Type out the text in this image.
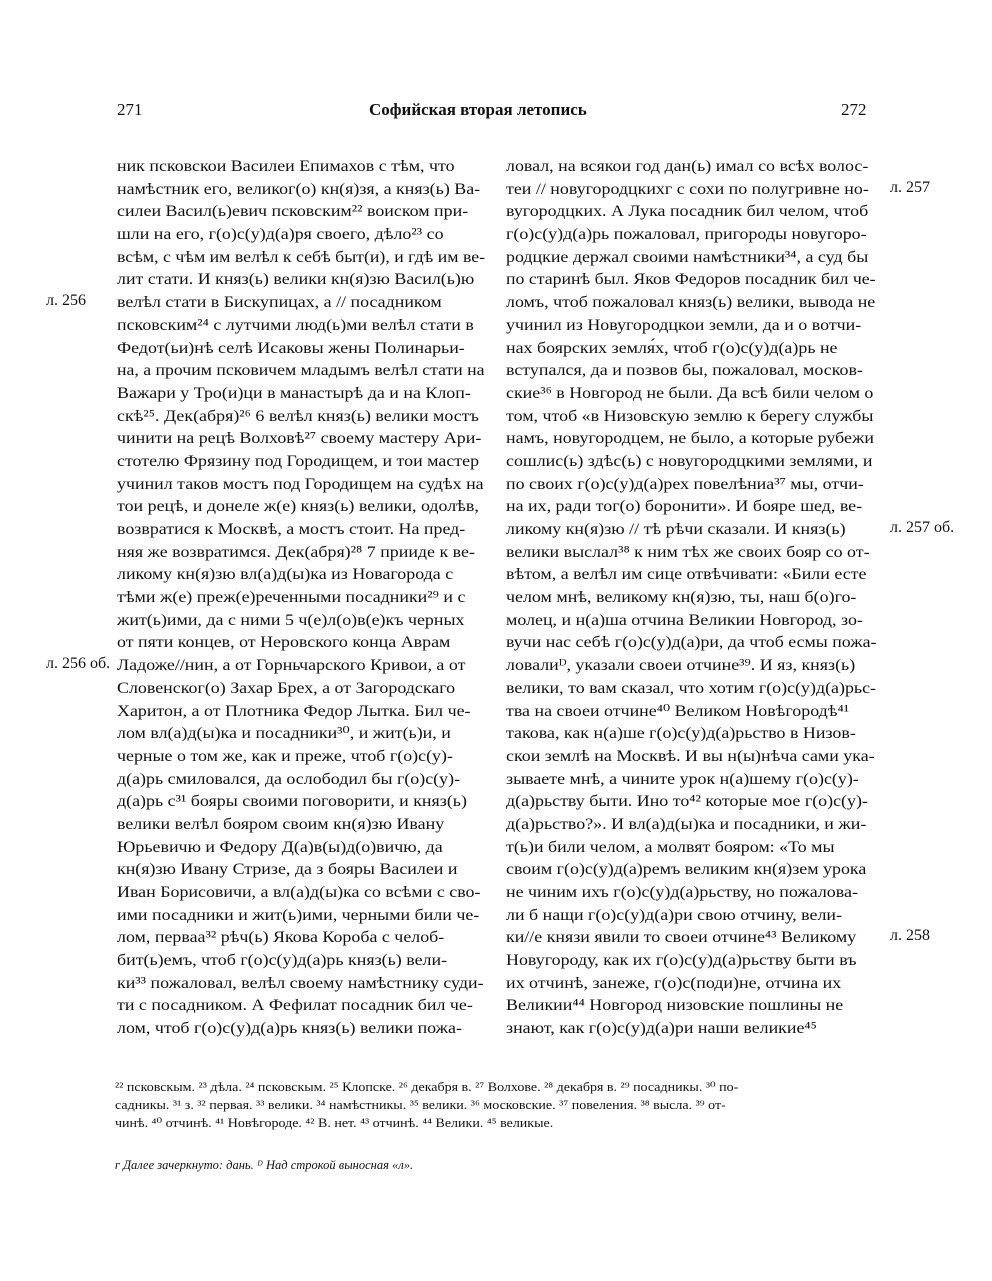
271	Софийская вторая летопись	272
ник псковскои Василеи Епимахов с тѣм, что
намѣстник его, великог(о) кн(я)зя, а княз(ь) Ва-
силеи Васил(ь)евич псковским²² воиском при-
шли на его, г(о)с(у)д(а)ря своего, дѣло²³ со
всѣм, с чѣм им велѣл к себѣ быт(и), и гдѣ им ве-
лит стати. И княз(ь) велики кн(я)зю Васил(ь)ю
велѣл стати в Бискупицах, а // посадником
псковским²⁴ с лутчими люд(ь)ми велѣл стати в
Федот(ьи)нѣ селѣ Исаковы жены Полинарьи-
на, а прочим псковичем младымъ велѣл стати на
Важари у Тро(и)ци в манастырѣ да и на Клоп-
скѣ²⁵. Дек(абря)²⁶ 6 велѣл княз(ь) велики мостъ
чинити на рецѣ Волховѣ²⁷ своему мастеру Ари-
стотелю Фрязину под Городищем, и тои мастер
учинил таков мостъ под Городищем на судѣх на
тои рецѣ, и донеле ж(е) княз(ь) велики, одолѣв,
возвратися к Москвѣ, а мостъ стоит. На пред-
няя же возвратимся. Дек(абря)²⁸ 7 прииде к ве-
ликому кн(я)зю вл(а)д(ы)ка из Новагорода с
тѣми ж(е) преж(е)реченными посадники²⁹ и с
жит(ь)ими, да с ними 5 ч(е)л(о)в(е)къ черных
от пяти концев, от Неровского конца Аврам
Ладоже//нин, а от Горньчарского Кривои, а от
Словенског(о) Захар Брех, а от Загородскаго
Харитон, а от Плотника Федор Лытка. Бил че-
лом вл(а)д(ы)ка и посадники³⁰, и жит(ь)и, и
черные о том же, как и преже, чтоб г(о)с(у)-
д(а)рь смиловался, да ослободил бы г(о)с(у)-
д(а)рь с³¹ бояры своими поговорити, и княз(ь)
велики велѣл бояром своим кн(я)зю Ивану
Юрьевичю и Федору Д(а)в(ы)д(о)вичю, да
кн(я)зю Ивану Стризе, да з бояры Василеи и
Иван Борисовичи, а вл(а)д(ы)ка со всѣми с сво-
ими посадники и жит(ь)ими, черными били че-
лом, перваа³² рѣч(ь) Якова Короба с челоб-
бит(ь)емъ, чтоб г(о)с(у)д(а)рь княз(ь) вели-
ки³³ пожаловал, велѣл своему намѣстнику суди-
ти с посадником. А Фефилат посадник бил че-
лом, чтоб г(о)с(у)д(а)рь княз(ь) велики пожа-
ловал, на всякои год дан(ь) имал со всѣх волос-
теи // новугородцкихᴦ с сохи по полугривне но-
вугородцких. А Лука посадник бил челом, чтоб
г(о)с(у)д(а)рь пожаловал, пригороды новугоро-
родцкие держал своими намѣстники³⁴, а суд бы
по старинѣ был. Яков Федоров посадник бил че-
ломъ, чтоб пожаловал княз(ь) велики, вывода не
учинил из Новугородцкои земли, да и о вотчи-
нах боярских земля́х, чтоб г(о)с(у)д(а)рь не
вступался, да и позвов бы, пожаловал, москов-
ские³⁶ в Новгород не были. Да всѣ били челом о
том, чтоб «в Низовскую землю к берегу службы
намъ, новугородцем, не было, а которые рубежи
сошлис(ь) здѣс(ь) с новугородцкими землями, и
по своих г(о)с(у)д(а)рех повелѣниа³⁷ мы, отчи-
на их, ради тог(о) боронити». И бояре шед, ве-
ликому кн(я)зю // тѣ рѣчи сказали. И княз(ь)
велики выслал³⁸ к ним тѣх же своих бояр со от-
вѣтом, а велѣл им сице отвѣчивати: «Били есте
челом мнѣ, великому кн(я)зю, ты, наш б(о)го-
молец, и н(а)ша отчина Великии Новгород, зо-
вучи нас себѣ г(о)с(у)д(а)ри, да чтоб есмы пожа-
ловалиᴰ, указали своеи отчине³⁹. И яз, княз(ь)
велики, то вам сказал, что хотим г(о)с(у)д(а)рьс-
тва на своеи отчине⁴⁰ Великом Новѣгородѣ⁴¹
такова, как н(а)ше г(о)с(у)д(а)рьство в Низов-
скои землѣ на Москвѣ. И вы н(ы)нѣча сами ука-
зываете мнѣ, а чините урок н(а)шему г(о)с(у)-
д(а)рьству быти. Ино то⁴² которые мое г(о)с(у)-
д(а)рьство?». И вл(а)д(ы)ка и посадники, и жи-
т(ь)и били челом, а молвят бояром: «То мы
своим г(о)с(у)д(а)ремъ великим кн(я)зем урока
не чиним ихъ г(о)с(у)д(а)рьству, но пожалова-
ли б нащи г(о)с(у)д(а)ри свою отчину, вели-
ки//е князи явили то своеи отчине⁴³ Великому
Новугороду, как их г(о)с(у)д(а)рьству быти въ
их отчинѣ, занеже, г(о)с(поди)не, отчина их
Великии⁴⁴ Новгород низовские пошлины не
знают, как г(о)с(у)д(а)ри наши великие⁴⁵
л. 256
л. 256 об.
л. 257
л. 257 об.
л. 258
²² псковскым. ²³ дѣла. ²⁴ псковскым. ²⁵ Клопске. ²⁶ декабря в. ²⁷ Волхове. ²⁸ декабря в. ²⁹ посадникы. ³⁰ по-
садникы. ³¹ з. ³² первая. ³³ велики. ³⁴ намѣстникы. ³⁵ велики. ³⁶ московские. ³⁷ повеления. ³⁸ высла. ³⁹ от-
чинѣ. ⁴⁰ отчинѣ. ⁴¹ Новѣгороде. ⁴² В. нет. ⁴³ отчинѣ. ⁴⁴ Велики. ⁴⁵ великые.
ᴦ Далее зачеркнуто: дань. ᴰ Над строкой выносная «л».
